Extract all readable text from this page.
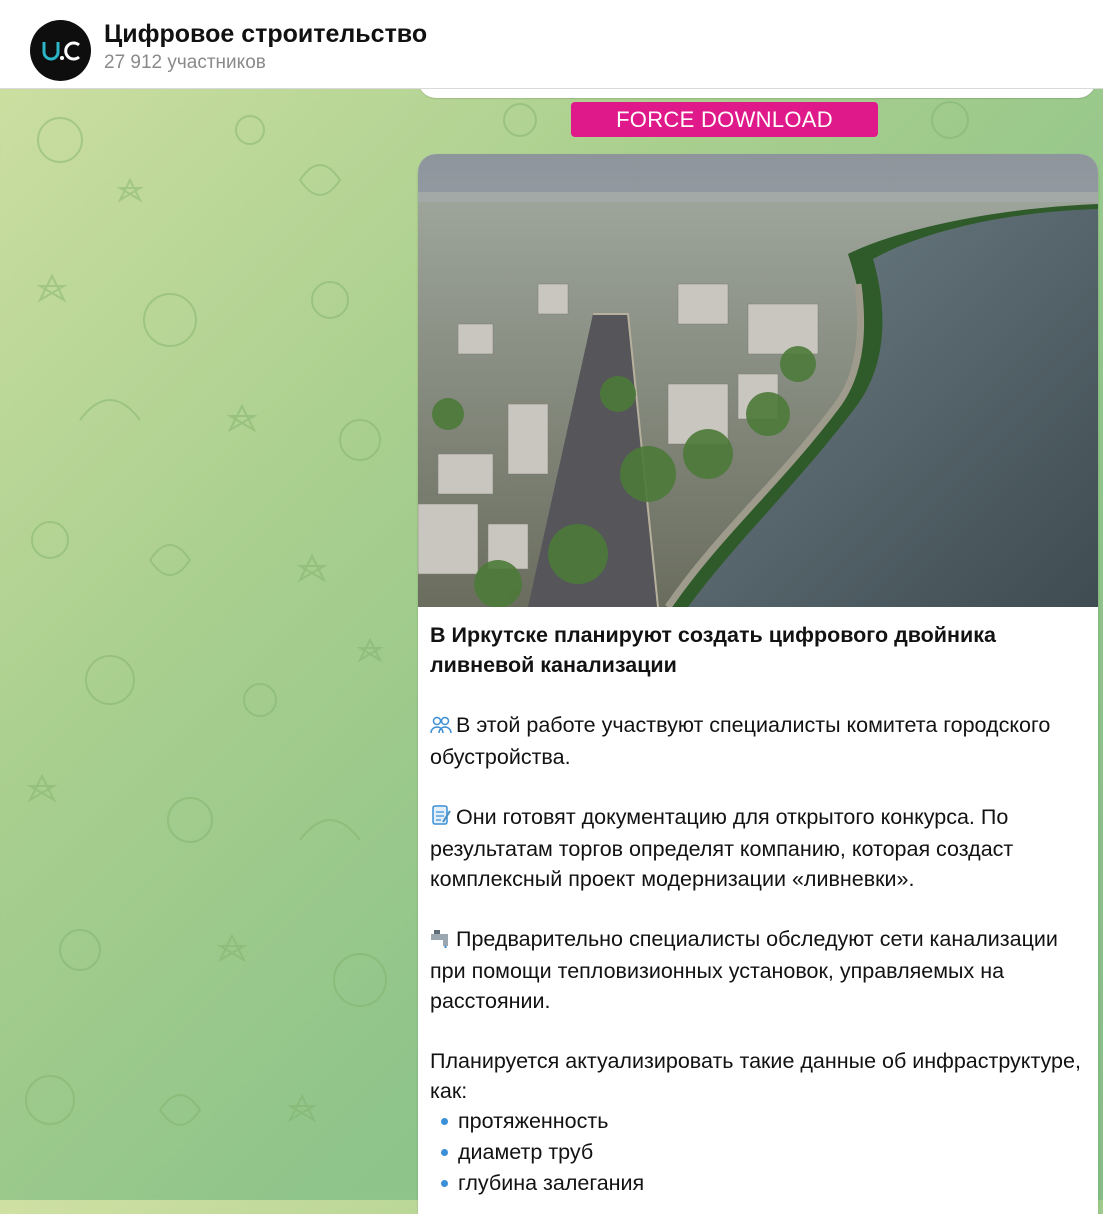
Цифровое строительство
27 912 участников
FORCE DOWNLOAD
В Иркутске планируют создать цифрового двойника ливневой канализации
В этой работе участвуют специалисты комитета городского обустройства.
Они готовят документацию для открытого конкурса. По результатам торгов определят компанию, которая создаст комплексный проект модернизации «ливневки».
Предварительно специалисты обследуют сети канализации при помощи тепловизионных установок, управляемых на расстоянии.
Планируется актуализировать такие данные об инфраструктуре, как:
протяженность
диаметр труб
глубина залегания
